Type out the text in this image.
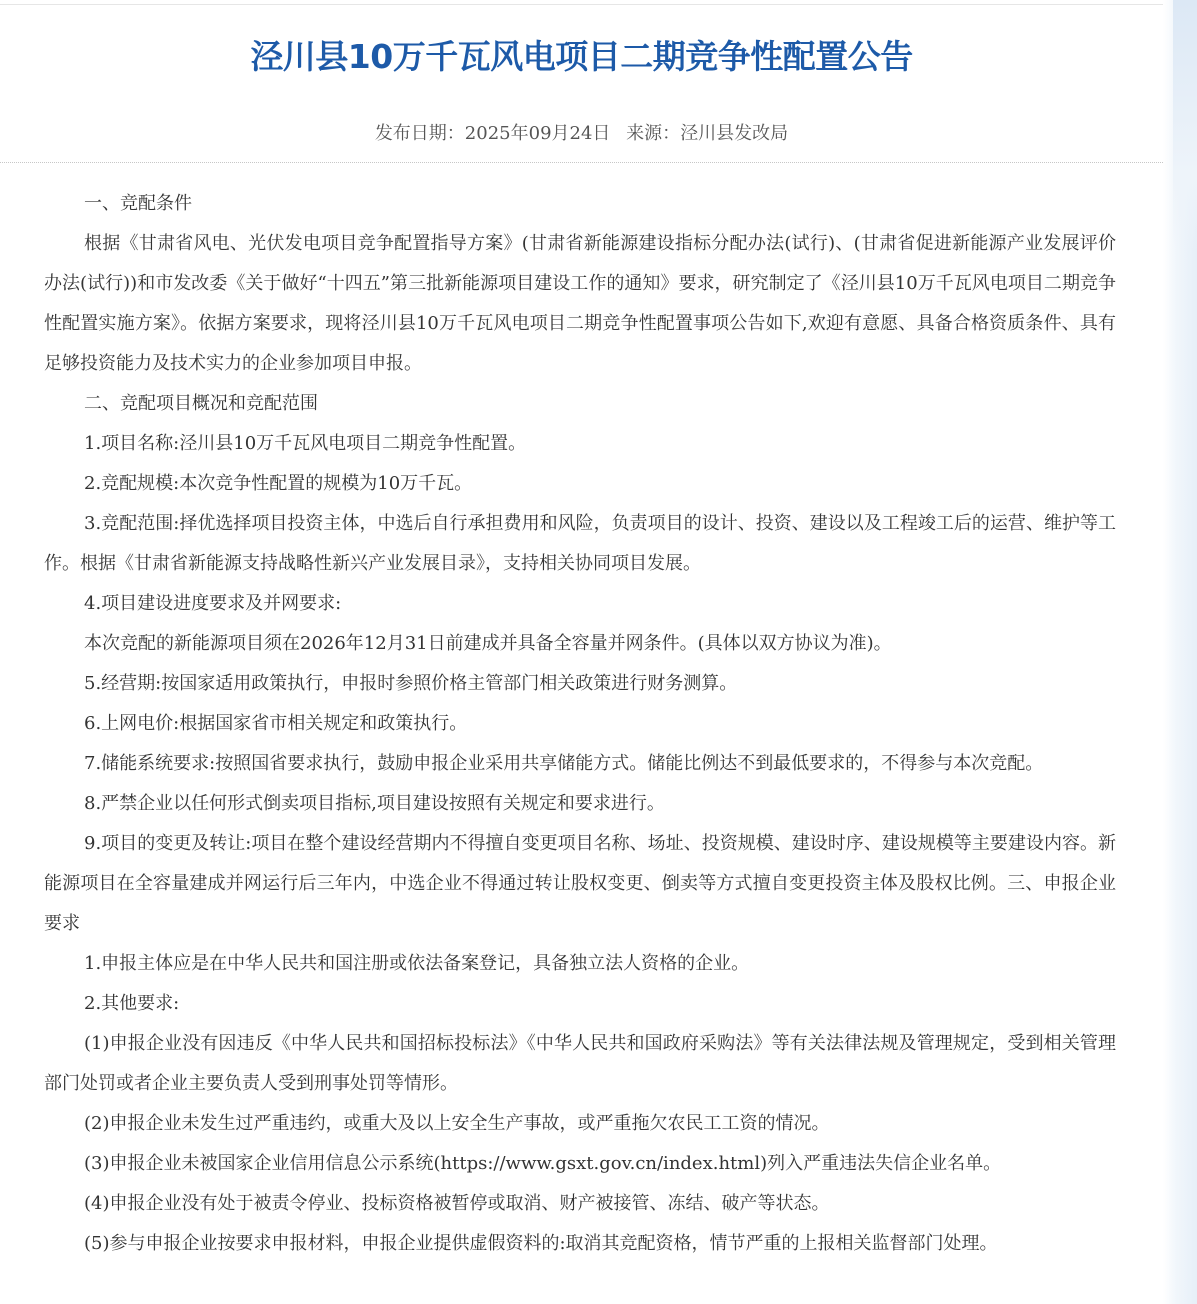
泾川县10万千瓦风电项目二期竞争性配置公告
发布日期：2025年09月24日 来源：泾川县发改局

一、竞配条件

根据《甘肃省风电、光伏发电项目竞争配置指导方案》(甘肃省新能源建设指标分配办法(试行)、(甘肃省促进新能源产业发展评价办法(试行))和市发改委《关于做好“十四五”第三批新能源项目建设工作的通知》要求，研究制定了《泾川县10万千瓦风电项目二期竞争性配置实施方案》。依据方案要求，现将泾川县10万千瓦风电项目二期竞争性配置事项公告如下,欢迎有意愿、具备合格资质条件、具有足够投资能力及技术实力的企业参加项目申报。

二、竞配项目概况和竞配范围

1.项目名称:泾川县10万千瓦风电项目二期竞争性配置。

2.竞配规模:本次竞争性配置的规模为10万千瓦。

3.竞配范围:择优选择项目投资主体，中选后自行承担费用和风险，负责项目的设计、投资、建设以及工程竣工后的运营、维护等工作。根据《甘肃省新能源支持战略性新兴产业发展目录》，支持相关协同项目发展。

4.项目建设进度要求及并网要求:

本次竞配的新能源项目须在2026年12月31日前建成并具备全容量并网条件。(具体以双方协议为准)。

5.经营期:按国家适用政策执行，申报时参照价格主管部门相关政策进行财务测算。

6.上网电价:根据国家省市相关规定和政策执行。

7.储能系统要求:按照国省要求执行，鼓励申报企业采用共享储能方式。储能比例达不到最低要求的，不得参与本次竞配。

8.严禁企业以任何形式倒卖项目指标,项目建设按照有关规定和要求进行。

9.项目的变更及转让:项目在整个建设经营期内不得擅自变更项目名称、场址、投资规模、建设时序、建设规模等主要建设内容。新能源项目在全容量建成并网运行后三年内，中选企业不得通过转让股权变更、倒卖等方式擅自变更投资主体及股权比例。三、申报企业要求

1.申报主体应是在中华人民共和国注册或依法备案登记，具备独立法人资格的企业。

2.其他要求:

(1)申报企业没有因违反《中华人民共和国招标投标法》《中华人民共和国政府采购法》等有关法律法规及管理规定，受到相关管理部门处罚或者企业主要负责人受到刑事处罚等情形。

(2)申报企业未发生过严重违约，或重大及以上安全生产事故，或严重拖欠农民工工资的情况。

(3)申报企业未被国家企业信用信息公示系统(https://www.gsxt.gov.cn/index.html)列入严重违法失信企业名单。

(4)申报企业没有处于被责令停业、投标资格被暂停或取消、财产被接管、冻结、破产等状态。

(5)参与申报企业按要求申报材料，申报企业提供虚假资料的:取消其竞配资格，情节严重的上报相关监督部门处理。
